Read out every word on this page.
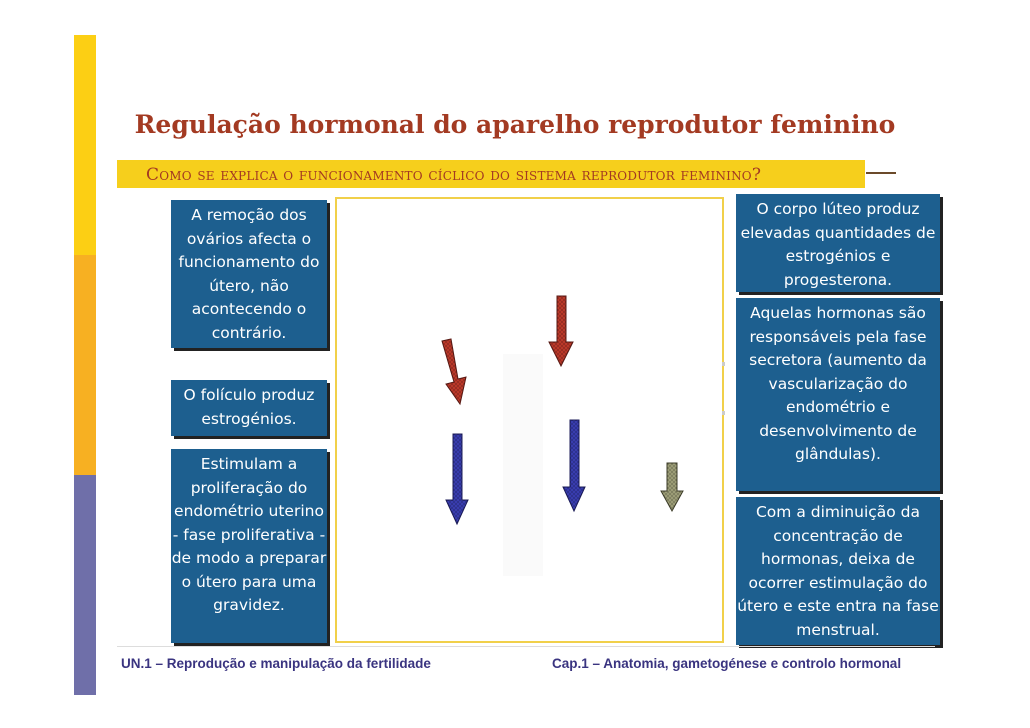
Regulação hormonal do aparelho reprodutor feminino
Como se explica o funcionamento cíclico do sistema reprodutor feminino?
A remoção dos ovários afecta o funcionamento do útero, não acontecendo o contrário.
O folículo produz estrogénios.
Estimulam a proliferação do endométrio uterino - fase proliferativa - de modo a preparar o útero para uma gravidez.
O corpo lúteo produz elevadas quantidades de estrogénios e progesterona.
Aquelas hormonas são responsáveis pela fase secretora (aumento da vascularização do endométrio e desenvolvimento de glândulas).
Com a diminuição da concentração de hormonas, deixa de ocorrer estimulação do útero e este entra na fase menstrual.
UN.1 – Reprodução e manipulação da fertilidade	Cap.1 – Anatomia, gametogénese e controlo hormonal
